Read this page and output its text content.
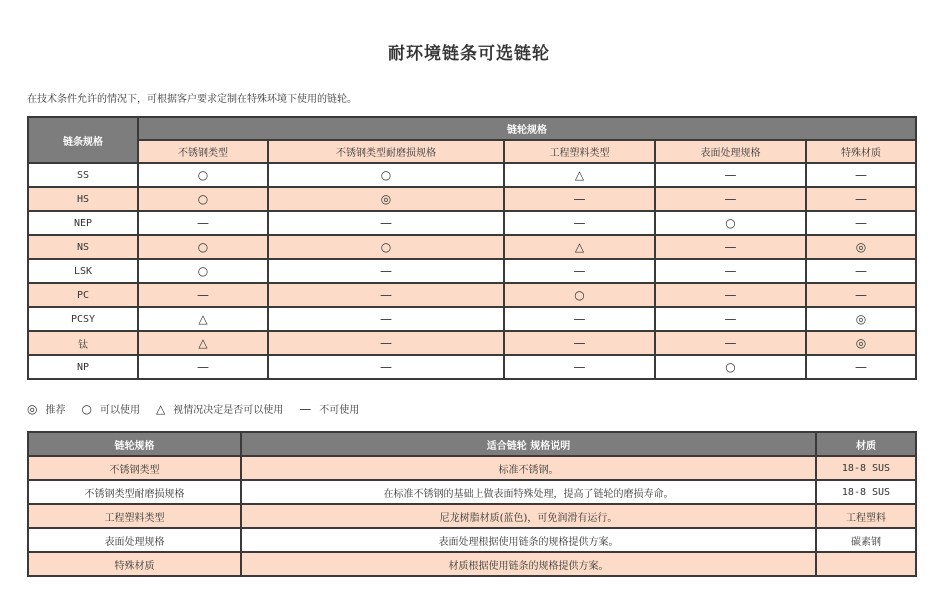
耐环境链条可选链轮
在技术条件允许的情况下，可根据客户要求定制在特殊环境下使用的链轮。
链条规格	链轮规格				
	不锈钢类型	不锈钢类型耐磨损规格	工程塑料类型	表面处理规格	特殊材质
SS	○	○	△	—	—
HS	○	◎	—	—	—
NEP	—	—	—	○	—
NS	○	○	△	—	◎
LSK	○	—	—	—	—
PC	—	—	○	—	—
PCSY	△	—	—	—	◎
钛	△	—	—	—	◎
NP	—	—	—	○	—
◎ 推荐 ○ 可以使用 △ 视情况决定是否可以使用 — 不可使用
链轮规格	适合链轮 规格说明	材质
不锈钢类型	标准不锈钢。	18-8 SUS
不锈钢类型耐磨损规格	在标准不锈钢的基础上做表面特殊处理，提高了链轮的磨损寿命。	18-8 SUS
工程塑料类型	尼龙树脂材质(蓝色)，可免润滑有运行。	工程塑料
表面处理规格	表面处理根据使用链条的规格提供方案。	碳素钢
特殊材质	材质根据使用链条的规格提供方案。	
